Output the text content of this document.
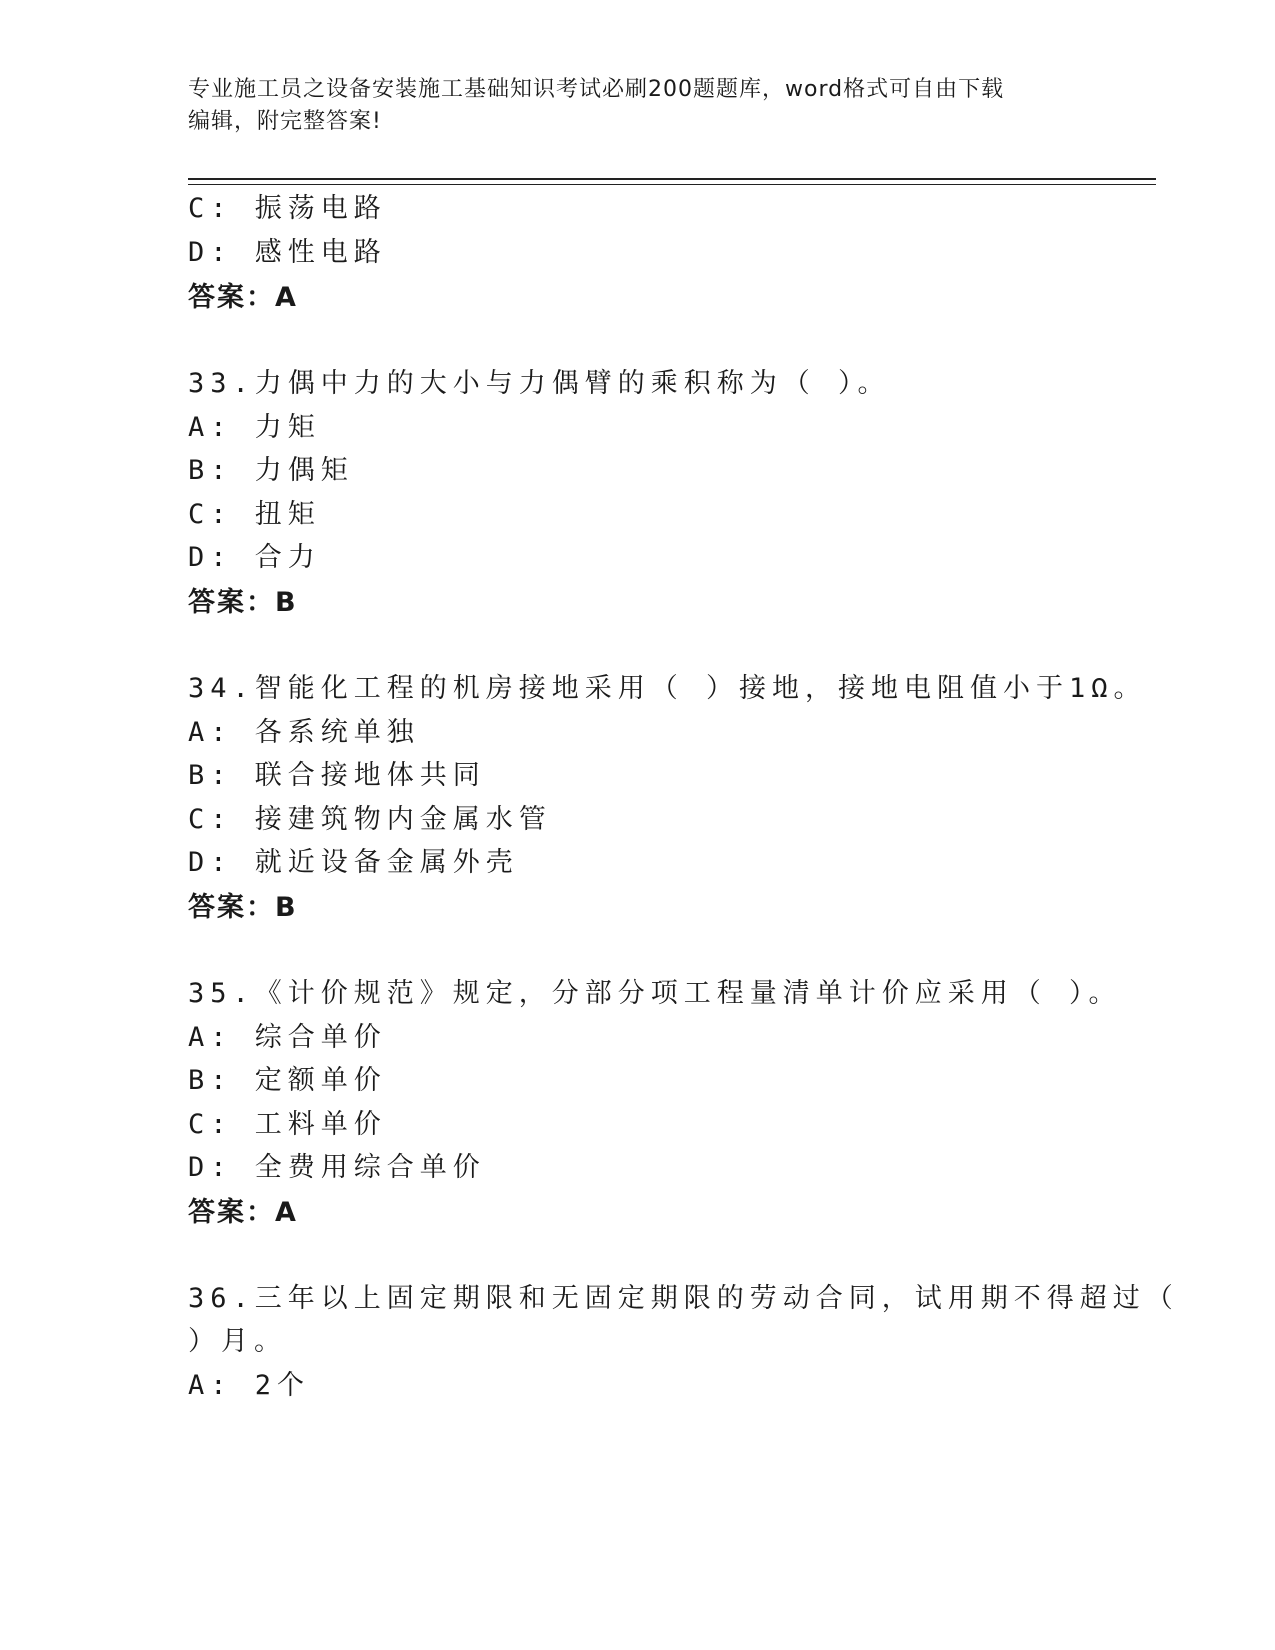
专业施工员之设备安装施工基础知识考试必刷200题题库，word格式可自由下载
编辑，附完整答案!
C: 振荡电路
D: 感性电路
答案：A
33.力偶中力的大小与力偶臂的乘积称为（ ）。
A: 力矩
B: 力偶矩
C: 扭矩
D: 合力
答案：B
34.智能化工程的机房接地采用（ ）接地，接地电阻值小于1Ω。
A: 各系统单独
B: 联合接地体共同
C: 接建筑物内金属水管
D: 就近设备金属外壳
答案：B
35.《计价规范》规定，分部分项工程量清单计价应采用（ ）。
A: 综合单价
B: 定额单价
C: 工料单价
D: 全费用综合单价
答案：A
36.三年以上固定期限和无固定期限的劳动合同，试用期不得超过（
）月。
A: 2个
